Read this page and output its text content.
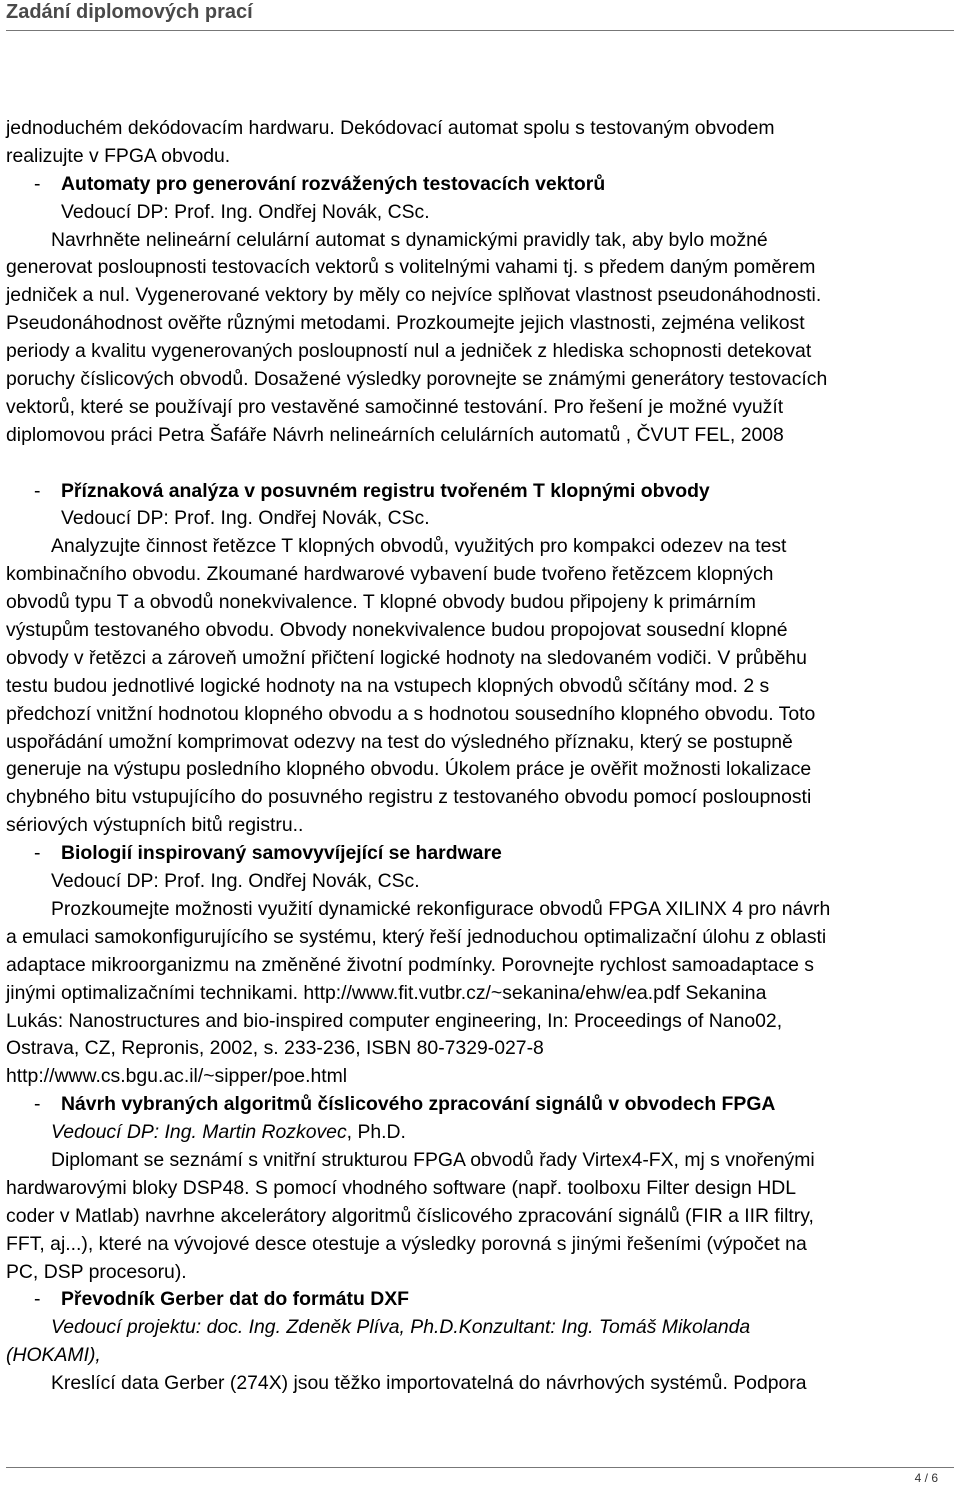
Zadání diplomových prací
jednoduchém dekódovacím hardwaru. Dekódovací automat spolu s testovaným obvodem
realizujte v FPGA obvodu.
- Automaty pro generování rozvážených testovacích vektorů
Vedoucí DP: Prof. Ing. Ondřej Novák, CSc.
Navrhněte nelineární celulární automat s dynamickými pravidly tak, aby bylo možné
generovat posloupnosti testovacích vektorů s volitelnými vahami tj. s předem daným poměrem
jedniček a nul. Vygenerované vektory by měly co nejvíce splňovat vlastnost pseudonáhodnosti.
Pseudonáhodnost ověřte různými metodami. Prozkoumejte jejich vlastnosti, zejména velikost
periody a kvalitu vygenerovaných posloupností nul a jedniček z hlediska schopnosti detekovat
poruchy číslicových obvodů. Dosažené výsledky porovnejte se známými generátory testovacích
vektorů, které se používají pro vestavěné samočinné testování. Pro řešení je možné využít
diplomovou práci Petra Šafáře Návrh nelineárních celulárních automatů , ČVUT FEL, 2008
- Příznaková analýza v posuvném registru tvořeném T klopnými obvody
Vedoucí DP: Prof. Ing. Ondřej Novák, CSc.
Analyzujte činnost řetězce T klopných obvodů, využitých pro kompakci odezev na test
kombinačního obvodu. Zkoumané hardwarové vybavení bude tvořeno řetězcem klopných
obvodů typu T a obvodů nonekvivalence. T klopné obvody budou připojeny k primárním
výstupům testovaného obvodu. Obvody nonekvivalence budou propojovat sousední klopné
obvody v řetězci a zároveň umožní přičtení logické hodnoty na sledovaném vodiči. V průběhu
testu budou jednotlivé logické hodnoty na na vstupech klopných obvodů sčítány mod. 2 s
předchozí vnitžní hodnotou klopného obvodu a s hodnotou sousedního klopného obvodu. Toto
uspořádání umožní komprimovat odezvy na test do výsledného příznaku, který se postupně
generuje na výstupu posledního klopného obvodu. Úkolem práce je ověřit možnosti lokalizace
chybného bitu vstupujícího do posuvného registru z testovaného obvodu pomocí posloupnosti
sériových výstupních bitů registru..
- Biologií inspirovaný samovyvíjející se hardware
Vedoucí DP: Prof. Ing. Ondřej Novák, CSc.
Prozkoumejte možnosti využití dynamické rekonfigurace obvodů FPGA XILINX 4 pro návrh
a emulaci samokonfigurujícího se systému, který řeší jednoduchou optimalizační úlohu z oblasti
adaptace mikroorganizmu na změněné životní podmínky. Porovnejte rychlost samoadaptace s
jinými optimalizačními technikami. http://www.fit.vutbr.cz/~sekanina/ehw/ea.pdf Sekanina
Lukás: Nanostructures and bio-inspired computer engineering, In: Proceedings of Nano02,
Ostrava, CZ, Repronis, 2002, s. 233-236, ISBN 80-7329-027-8
http://www.cs.bgu.ac.il/~sipper/poe.html
- Návrh vybraných algoritmů číslicového zpracování signálů v obvodech FPGA
Vedoucí DP: Ing. Martin Rozkovec, Ph.D.
Diplomant se seznámí s vnitřní strukturou FPGA obvodů řady Virtex4-FX, mj s vnořenými
hardwarovými bloky DSP48. S pomocí vhodného software (např. toolboxu Filter design HDL
coder v Matlab) navrhne akcelerátory algoritmů číslicového zpracování signálů (FIR a IIR filtry,
FFT, aj...), které na vývojové desce otestuje a výsledky porovná s jinými řešeními (výpočet na
PC, DSP procesoru).
- Převodník Gerber dat do formátu DXF
Vedoucí projektu: doc. Ing. Zdeněk Plíva, Ph.D.Konzultant: Ing. Tomáš Mikolanda
(HOKAMI),
Kreslící data Gerber (274X) jsou těžko importovatelná do návrhových systémů. Podpora
4 / 6
